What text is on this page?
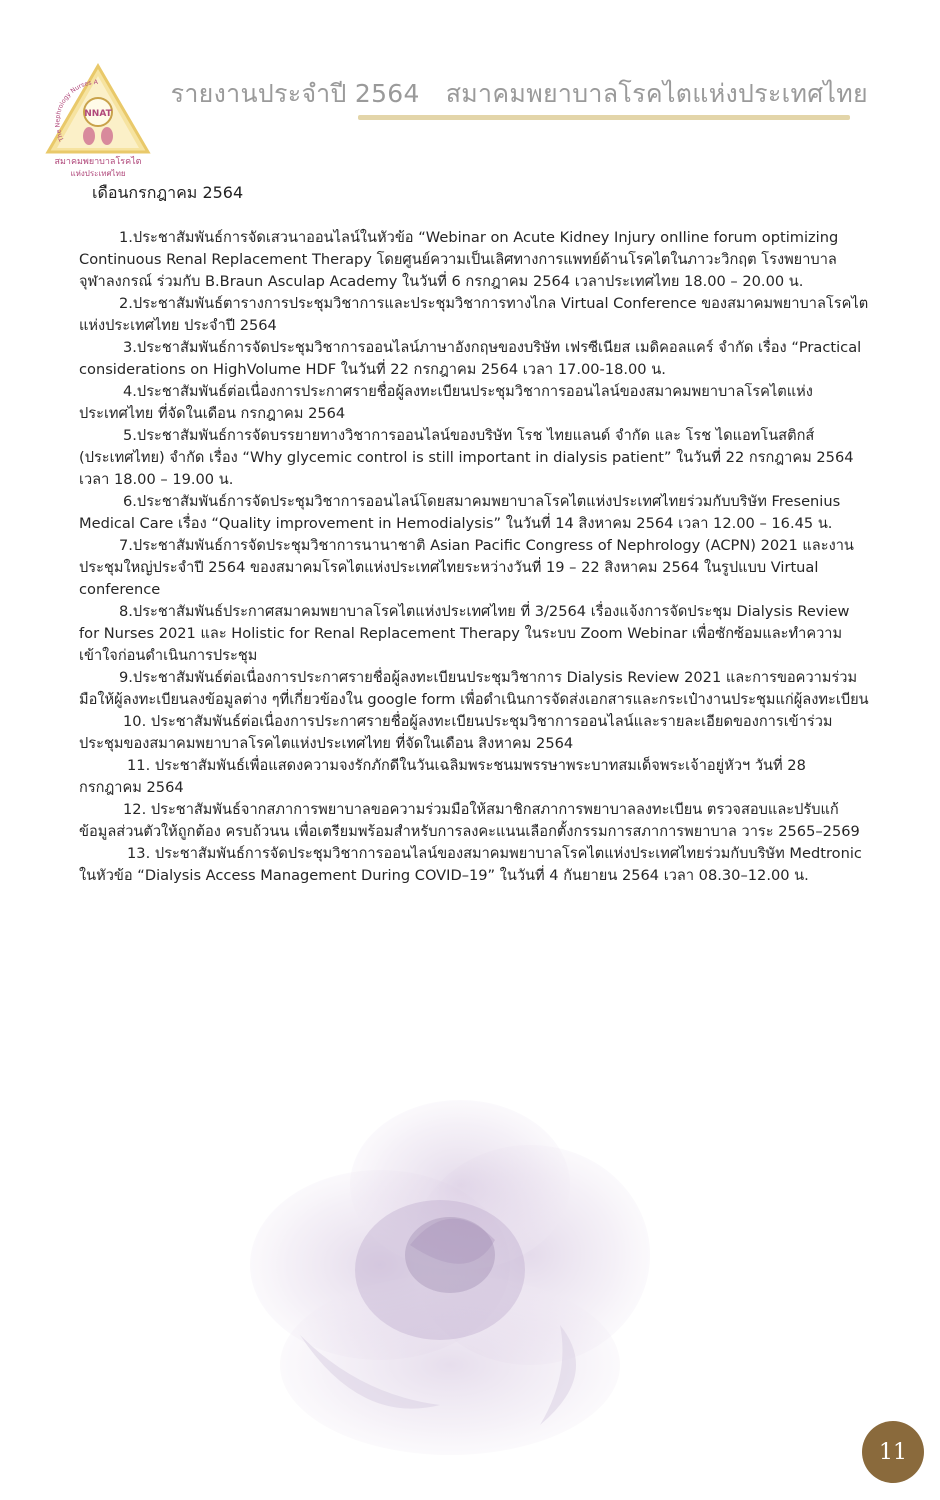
NNAT
The Nephrology Nurses A
สมาคมพยาบาลโรคไต
แห่งประเทศไทย
รายงานประจำปี 2564 สมาคมพยาบาลโรคไตแห่งประเทศไทย
เดือนกรกฎาคม 2564

1.ประชาสัมพันธ์การจัดเสวนาออนไลน์ในหัวข้อ “Webinar on Acute Kidney Injury onIline forum optimizing Continuous Renal Replacement Therapy โดยศูนย์ความเป็นเลิศทางการแพทย์ด้านโรคไตในภาวะวิกฤต โรงพยาบาลจุฬาลงกรณ์ ร่วมกับ B.Braun Asculap Academy ในวันที่ 6 กรกฎาคม 2564 เวลาประเทศไทย 18.00 – 20.00 น.

2.ประชาสัมพันธ์ตารางการประชุมวิชาการและประชุมวิชาการทางไกล Virtual Conference ของสมาคมพยาบาลโรคไตแห่งประเทศไทย ประจำปี 2564

3.ประชาสัมพันธ์การจัดประชุมวิชาการออนไลน์ภาษาอังกฤษของบริษัท เฟรซีเนียส เมดิคอลแคร์ จำกัด เรื่อง “Practical considerations on HighVolume HDF ในวันที่ 22 กรกฎาคม 2564 เวลา 17.00-18.00 น.

4.ประชาสัมพันธ์ต่อเนื่องการประกาศรายชื่อผู้ลงทะเบียนประชุมวิชาการออนไลน์ของสมาคมพยาบาลโรคไตแห่งประเทศไทย ที่จัดในเดือน กรกฎาคม 2564

5.ประชาสัมพันธ์การจัดบรรยายทางวิชาการออนไลน์ของบริษัท โรช ไทยแลนด์ จำกัด และ โรช ไดแอทโนสติกส์ (ประเทศไทย) จำกัด เรื่อง “Why glycemic control is still important in dialysis patient” ในวันที่ 22 กรกฎาคม 2564 เวลา 18.00 – 19.00 น.

6.ประชาสัมพันธ์การจัดประชุมวิชาการออนไลน์โดยสมาคมพยาบาลโรคไตแห่งประเทศไทยร่วมกับบริษัท Fresenius Medical Care เรื่อง “Quality improvement in Hemodialysis” ในวันที่ 14 สิงหาคม 2564 เวลา 12.00 – 16.45 น.

7.ประชาสัมพันธ์การจัดประชุมวิชาการนานาชาติ Asian Pacific Congress of Nephrology (ACPN) 2021 และงานประชุมใหญ่ประจำปี 2564 ของสมาคมโรคไตแห่งประเทศไทยระหว่างวันที่ 19 – 22 สิงหาคม 2564 ในรูปแบบ Virtual conference

8.ประชาสัมพันธ์ประกาศสมาคมพยาบาลโรคไตแห่งประเทศไทย ที่ 3/2564 เรื่องแจ้งการจัดประชุม Dialysis Review for Nurses 2021 และ Holistic for Renal Replacement Therapy ในระบบ Zoom Webinar เพื่อซักซ้อมและทำความเข้าใจก่อนดำเนินการประชุม

9.ประชาสัมพันธ์ต่อเนื่องการประกาศรายชื่อผู้ลงทะเบียนประชุมวิชาการ Dialysis Review 2021 และการขอความร่วมมือให้ผู้ลงทะเบียนลงข้อมูลต่าง ๆที่เกี่ยวข้องใน google form เพื่อดำเนินการจัดส่งเอกสารและกระเป๋างานประชุมแก่ผู้ลงทะเบียน

10. ประชาสัมพันธ์ต่อเนื่องการประกาศรายชื่อผู้ลงทะเบียนประชุมวิชาการออนไลน์และรายละเอียดของการเข้าร่วมประชุมของสมาคมพยาบาลโรคไตแห่งประเทศไทย ที่จัดในเดือน สิงหาคม 2564

11. ประชาสัมพันธ์เพื่อแสดงความจงรักภักดีในวันเฉลิมพระชนมพรรษาพระบาทสมเด็จพระเจ้าอยู่หัวฯ วันที่ 28 กรกฎาคม 2564

12. ประชาสัมพันธ์จากสภาการพยาบาลขอความร่วมมือให้สมาชิกสภาการพยาบาลลงทะเบียน ตรวจสอบและปรับแก้ข้อมูลส่วนตัวให้ถูกต้อง ครบถ้วนน เพื่อเตรียมพร้อมสำหรับการลงคะแนนเลือกตั้งกรรมการสภาการพยาบาล วาระ 2565–2569

13. ประชาสัมพันธ์การจัดประชุมวิชาการออนไลน์ของสมาคมพยาบาลโรคไตแห่งประเทศไทยร่วมกับบริษัท Medtronic ในหัวข้อ “Dialysis Access Management During COVID–19” ในวันที่ 4 กันยายน 2564 เวลา 08.30–12.00 น.

11
